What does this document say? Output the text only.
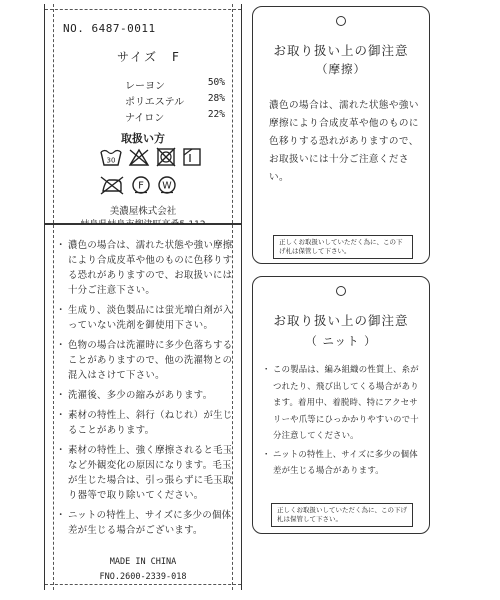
NO. 6487-0011
サイズ　F
レーヨン	50%
ポリエステル 28%
ナイロン	22%
取扱い方
30
F W
美濃屋株式会社
・ 濃色の場合は、濡れた状態や強い摩擦により合成皮革や他のものに色移りする恐れがありますので、お取扱いには十分ご注意下さい。
・ 生成り、淡色製品には蛍光増白剤が入っていない洗剤を御使用下さい。
・ 色物の場合は洗濯時に多少色落ちすることがありますので、他の洗濯物との混入はさけて下さい。
・ 洗濯後、多少の縮みがあります。
・ 素材の特性上、斜行（ねじれ）が生じることがあります。
・ 素材の特性上、強く摩擦されると毛玉など外観変化の原因になります。毛玉が生じた場合は、引っ張らずに毛玉取り器等で取り除いてください。
・ ニットの特性上、サイズに多少の個体差が生じる場合がございます。
MADE IN CHINA
FNO.2600-2339-018
お取り扱い上の御注意
（摩擦）
濃色の場合は、濡れた状態や強い摩擦により合成皮革や他のものに色移りする恐れがありますので、お取扱いには十分ご注意ください。
正しくお取扱いしていただく為に、この下げ札は保管して下さい。
お取り扱い上の御注意
（ ニット ）
・ この製品は、編み組織の性質上、糸がつれたり、飛び出してくる場合があります。着用中、着脱時、特にアクセサリーや爪等にひっかかりやすいので十分注意してください。
・ ニットの特性上、サイズに多少の個体差が生じる場合があります。
正しくお取扱いしていただく為に、この下げ札は保管して下さい。
